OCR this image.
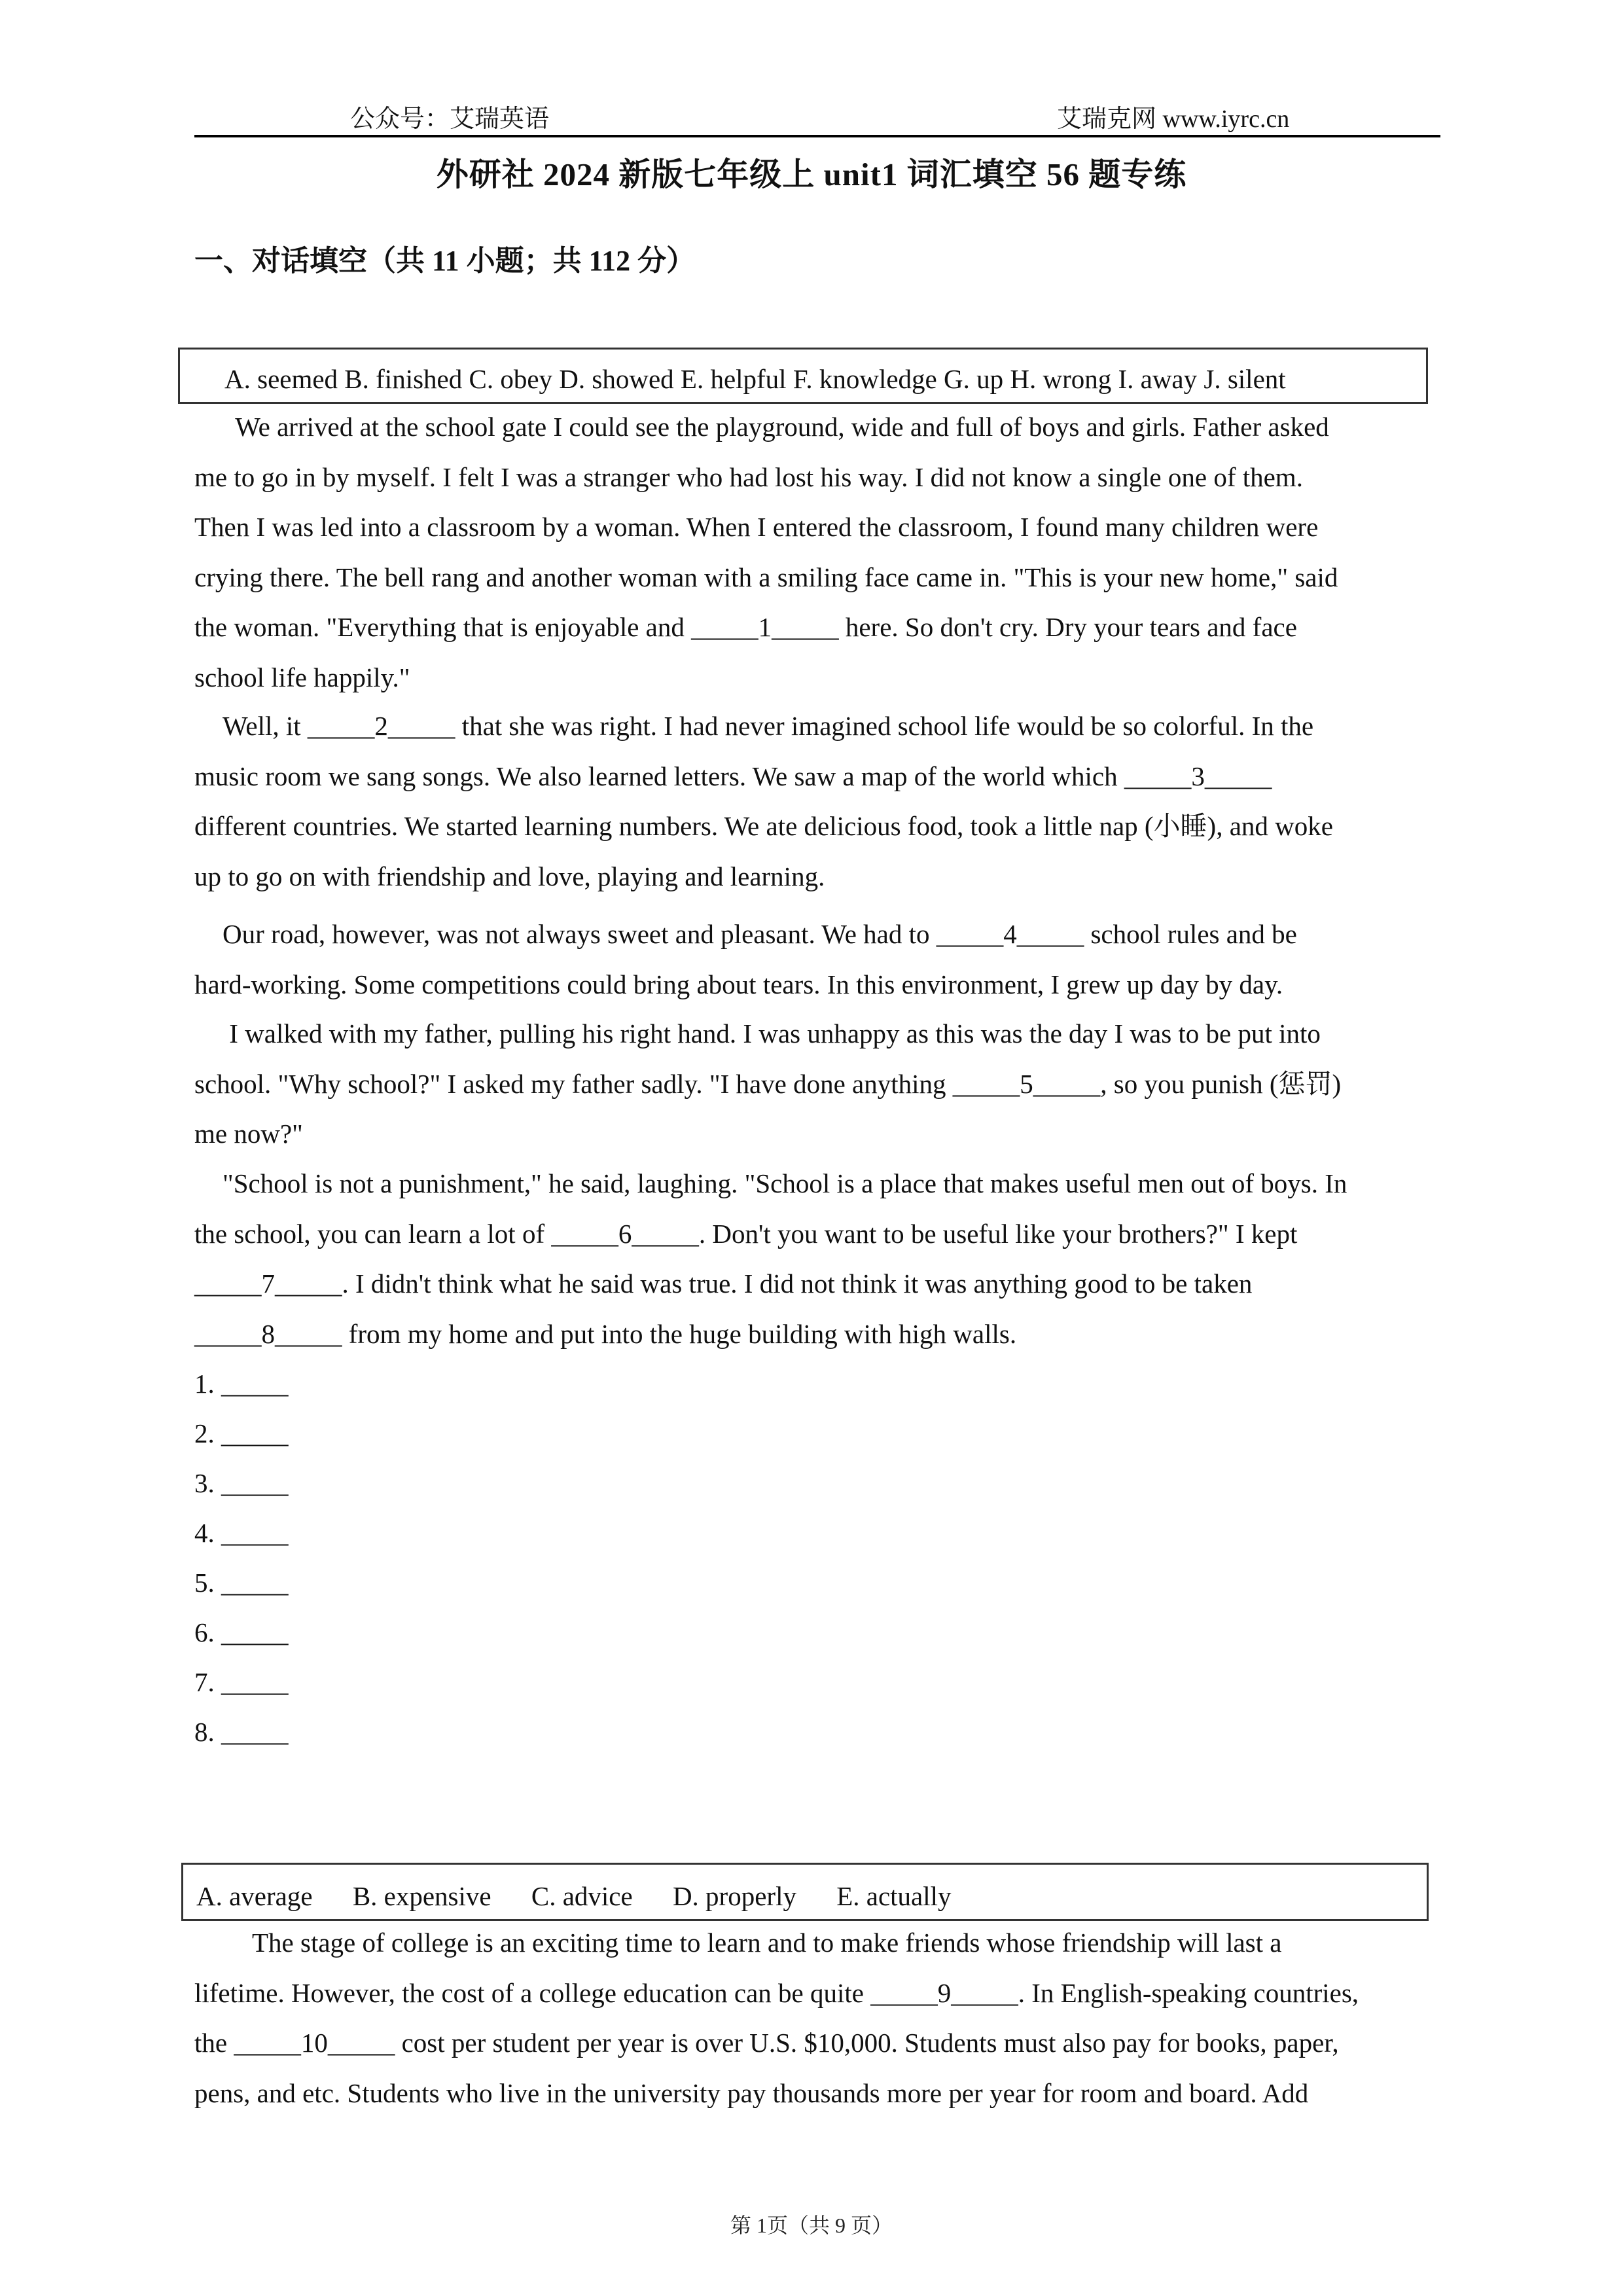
公众号：艾瑞英语	艾瑞克网 www.iyrc.cn
外研社 2024 新版七年级上 unit1 词汇填空 56 题专练
一、对话填空（共 11 小题；共 112 分）
A. seemed B. finished C. obey D. showed E. helpful F. knowledge G. up H. wrong I. away J. silent

We arrived at the school gate I could see the playground, wide and full of boys and girls. Father asked
me to go in by myself. I felt I was a stranger who had lost his way. I did not know a single one of them.
Then I was led into a classroom by a woman. When I entered the classroom, I found many children were
crying there. The bell rang and another woman with a smiling face came in. "This is your new home," said
the woman. "Everything that is enjoyable and _____1_____ here. So don't cry. Dry your tears and face
school life happily."

Well, it _____2_____ that she was right. I had never imagined school life would be so colorful. In the
music room we sang songs. We also learned letters. We saw a map of the world which _____3_____
different countries. We started learning numbers. We ate delicious food, took a little nap (小睡), and woke
up to go on with friendship and love, playing and learning.

Our road, however, was not always sweet and pleasant. We had to _____4_____ school rules and be
hard-working. Some competitions could bring about tears. In this environment, I grew up day by day.

I walked with my father, pulling his right hand. I was unhappy as this was the day I was to be put into
school. "Why school?" I asked my father sadly. "I have done anything _____5_____, so you punish (惩罚)
me now?"

"School is not a punishment," he said, laughing. "School is a place that makes useful men out of boys. In
the school, you can learn a lot of _____6_____. Don't you want to be useful like your brothers?" I kept
_____7_____. I didn't think what he said was true. I did not think it was anything good to be taken
_____8_____ from my home and put into the huge building with high walls.

1. _____
2. _____
3. _____
4. _____
5. _____
6. _____
7. _____
8. _____
A. average B. expensive C. advice D. properly E. actually

The stage of college is an exciting time to learn and to make friends whose friendship will last a
lifetime. However, the cost of a college education can be quite _____9_____. In English-speaking countries,
the _____10_____ cost per student per year is over U.S. $10,000. Students must also pay for books, paper,
pens, and etc. Students who live in the university pay thousands more per year for room and board. Add

第 1页（共 9 页）
